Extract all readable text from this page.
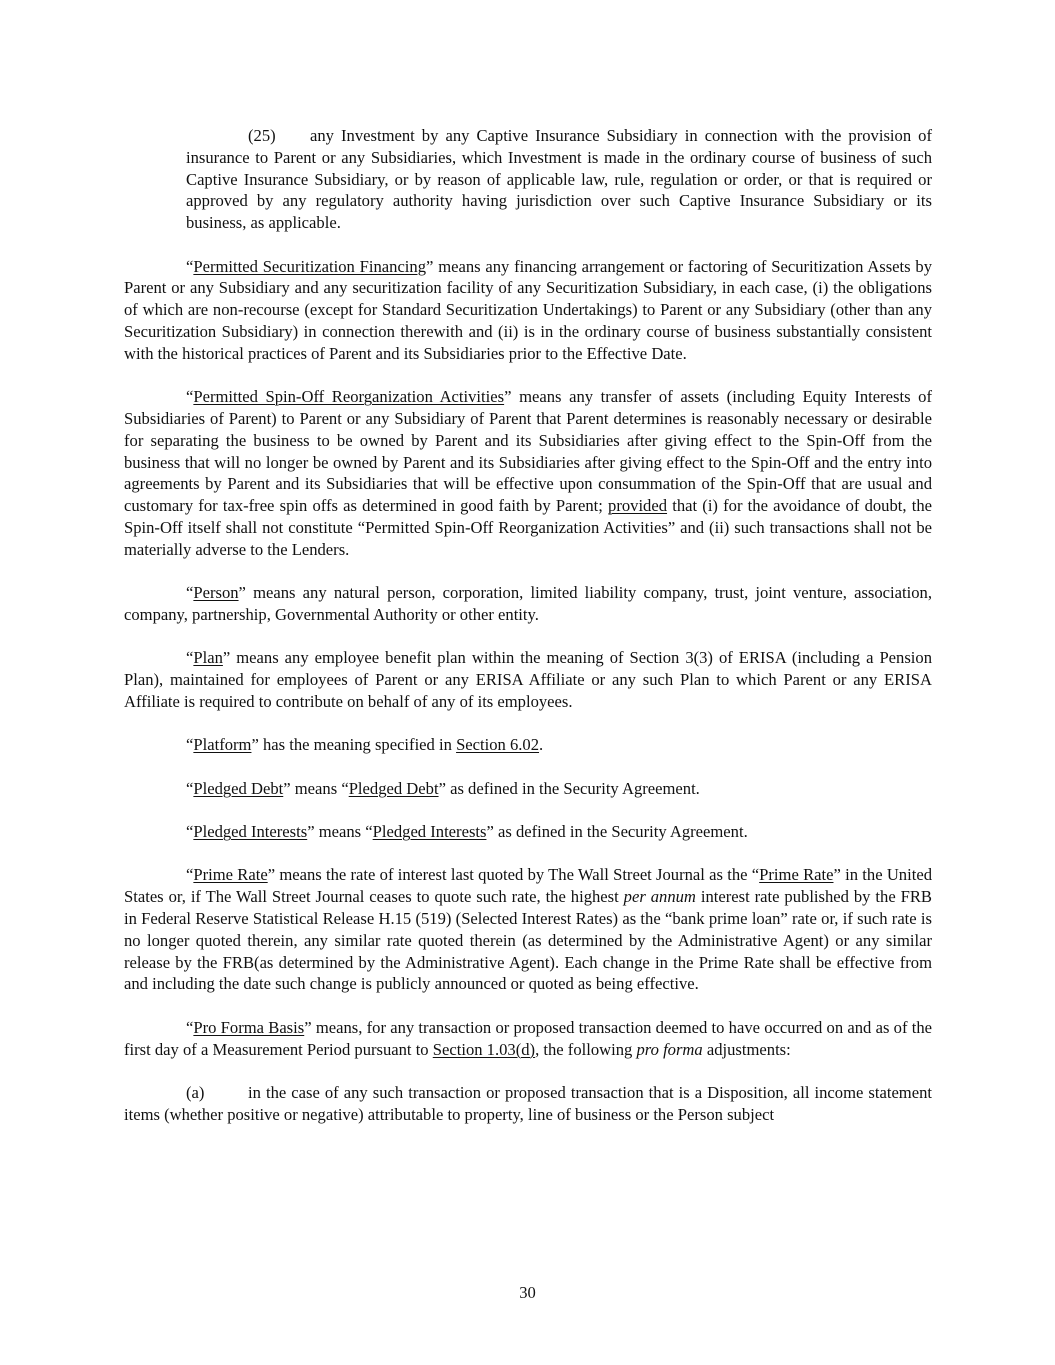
(25) any Investment by any Captive Insurance Subsidiary in connection with the provision of insurance to Parent or any Subsidiaries, which Investment is made in the ordinary course of business of such Captive Insurance Subsidiary, or by reason of applicable law, rule, regulation or order, or that is required or approved by any regulatory authority having jurisdiction over such Captive Insurance Subsidiary or its business, as applicable.

“Permitted Securitization Financing” means any financing arrangement or factoring of Securitization Assets by Parent or any Subsidiary and any securitization facility of any Securitization Subsidiary, in each case, (i) the obligations of which are non-recourse (except for Standard Securitization Undertakings) to Parent or any Subsidiary (other than any Securitization Subsidiary) in connection therewith and (ii) is in the ordinary course of business substantially consistent with the historical practices of Parent and its Subsidiaries prior to the Effective Date.

“Permitted Spin-Off Reorganization Activities” means any transfer of assets (including Equity Interests of Subsidiaries of Parent) to Parent or any Subsidiary of Parent that Parent determines is reasonably necessary or desirable for separating the business to be owned by Parent and its Subsidiaries after giving effect to the Spin-Off from the business that will no longer be owned by Parent and its Subsidiaries after giving effect to the Spin-Off and the entry into agreements by Parent and its Subsidiaries that will be effective upon consummation of the Spin-Off that are usual and customary for tax-free spin offs as determined in good faith by Parent; provided that (i) for the avoidance of doubt, the Spin-Off itself shall not constitute “Permitted Spin-Off Reorganization Activities” and (ii) such transactions shall not be materially adverse to the Lenders.

“Person” means any natural person, corporation, limited liability company, trust, joint venture, association, company, partnership, Governmental Authority or other entity.

“Plan” means any employee benefit plan within the meaning of Section 3(3) of ERISA (including a Pension Plan), maintained for employees of Parent or any ERISA Affiliate or any such Plan to which Parent or any ERISA Affiliate is required to contribute on behalf of any of its employees.

“Platform” has the meaning specified in Section 6.02.

“Pledged Debt” means “Pledged Debt” as defined in the Security Agreement.

“Pledged Interests” means “Pledged Interests” as defined in the Security Agreement.

“Prime Rate” means the rate of interest last quoted by The Wall Street Journal as the “Prime Rate” in the United States or, if The Wall Street Journal ceases to quote such rate, the highest per annum interest rate published by the FRB in Federal Reserve Statistical Release H.15 (519) (Selected Interest Rates) as the “bank prime loan” rate or, if such rate is no longer quoted therein, any similar rate quoted therein (as determined by the Administrative Agent) or any similar release by the FRB(as determined by the Administrative Agent). Each change in the Prime Rate shall be effective from and including the date such change is publicly announced or quoted as being effective.

“Pro Forma Basis” means, for any transaction or proposed transaction deemed to have occurred on and as of the first day of a Measurement Period pursuant to Section 1.03(d), the following pro forma adjustments:

(a)	in the case of any such transaction or proposed transaction that is a Disposition, all income statement items (whether positive or negative) attributable to property, line of business or the Person subject

30
